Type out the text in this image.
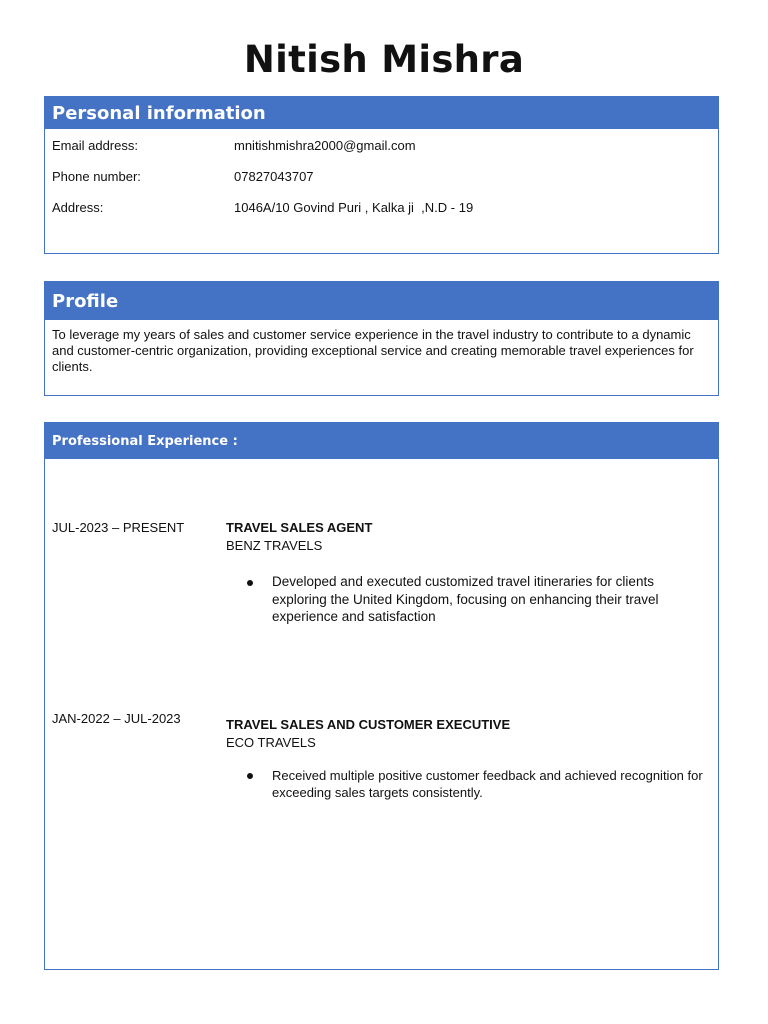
Nitish Mishra
Personal information
Email address:	mnitishmishra2000@gmail.com
Phone number:	07827043707
Address:	1046A/10 Govind Puri , Kalka ji  ,N.D - 19
Profile
To leverage my years of sales and customer service experience in the travel industry to contribute to a dynamic and customer-centric organization, providing exceptional service and creating memorable travel experiences for clients.
Professional Experience :
JUL-2023 – PRESENT	TRAVEL SALES AGENT
BENZ TRAVELS
Developed and executed customized travel itineraries for clients exploring the United Kingdom, focusing on enhancing their travel experience and satisfaction
JAN-2022 – JUL-2023	TRAVEL SALES AND CUSTOMER EXECUTIVE
ECO TRAVELS
Received multiple positive customer feedback and achieved recognition for exceeding sales targets consistently.
